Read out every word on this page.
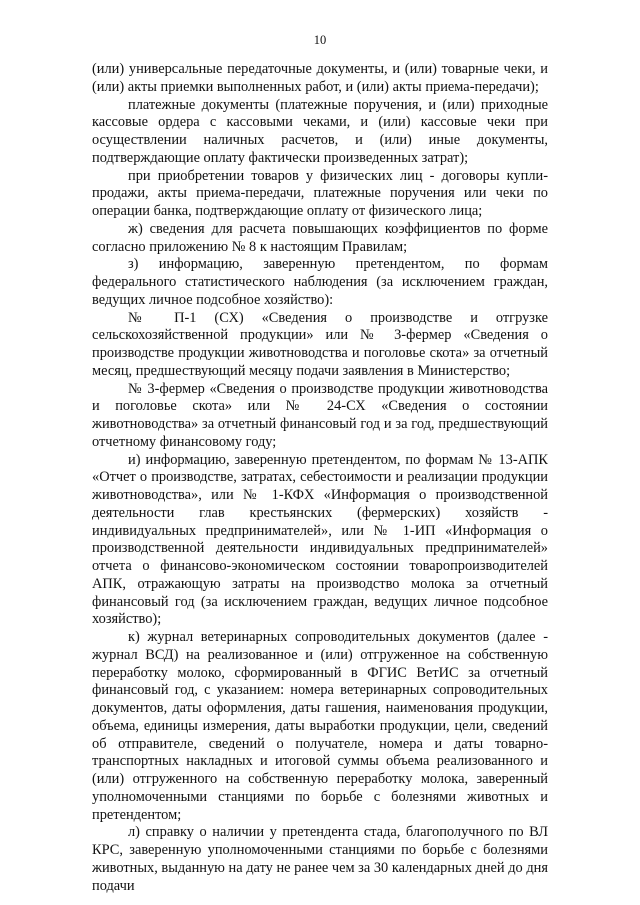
10

(или) универсальные передаточные документы, и (или) товарные чеки, и (или) акты приемки выполненных работ, и (или) акты приема-передачи);

платежные документы (платежные поручения, и (или) приходные кассовые ордера с кассовыми чеками, и (или) кассовые чеки при осуществлении наличных расчетов, и (или) иные документы, подтверждающие оплату фактически произведенных затрат);

при приобретении товаров у физических лиц - договоры купли-продажи, акты приема-передачи, платежные поручения или чеки по операции банка, подтверждающие оплату от физического лица;

ж) сведения для расчета повышающих коэффициентов по форме согласно приложению № 8 к настоящим Правилам;

з) информацию, заверенную претендентом, по формам федерального статистического наблюдения (за исключением граждан, ведущих личное подсобное хозяйство):

№ П-1 (СХ) «Сведения о производстве и отгрузке сельскохозяйственной продукции» или № 3-фермер «Сведения о производстве продукции животноводства и поголовье скота» за отчетный месяц, предшествующий месяцу подачи заявления в Министерство;

№ 3-фермер «Сведения о производстве продукции животноводства и поголовье скота» или № 24-СХ «Сведения о состоянии животноводства» за отчетный финансовый год и за год, предшествующий отчетному финансовому году;

и) информацию, заверенную претендентом, по формам № 13-АПК «Отчет о производстве, затратах, себестоимости и реализации продукции животноводства», или № 1-КФХ «Информация о производственной деятельности глав крестьянских (фермерских) хозяйств - индивидуальных предпринимателей», или № 1-ИП «Информация о производственной деятельности индивидуальных предпринимателей» отчета о финансово-экономическом состоянии товаропроизводителей АПК, отражающую затраты на производство молока за отчетный финансовый год (за исключением граждан, ведущих личное подсобное хозяйство);

к) журнал ветеринарных сопроводительных документов (далее - журнал ВСД) на реализованное и (или) отгруженное на собственную переработку молоко, сформированный в ФГИС ВетИС за отчетный финансовый год, с указанием: номера ветеринарных сопроводительных документов, даты оформления, даты гашения, наименования продукции, объема, единицы измерения, даты выработки продукции, цели, сведений об отправителе, сведений о получателе, номера и даты товарно-транспортных накладных и итоговой суммы объема реализованного и (или) отгруженного на собственную переработку молока, заверенный уполномоченными станциями по борьбе с болезнями животных и претендентом;

л) справку о наличии у претендента стада, благополучного по ВЛ КРС, заверенную уполномоченными станциями по борьбе с болезнями животных, выданную на дату не ранее чем за 30 календарных дней до дня подачи
